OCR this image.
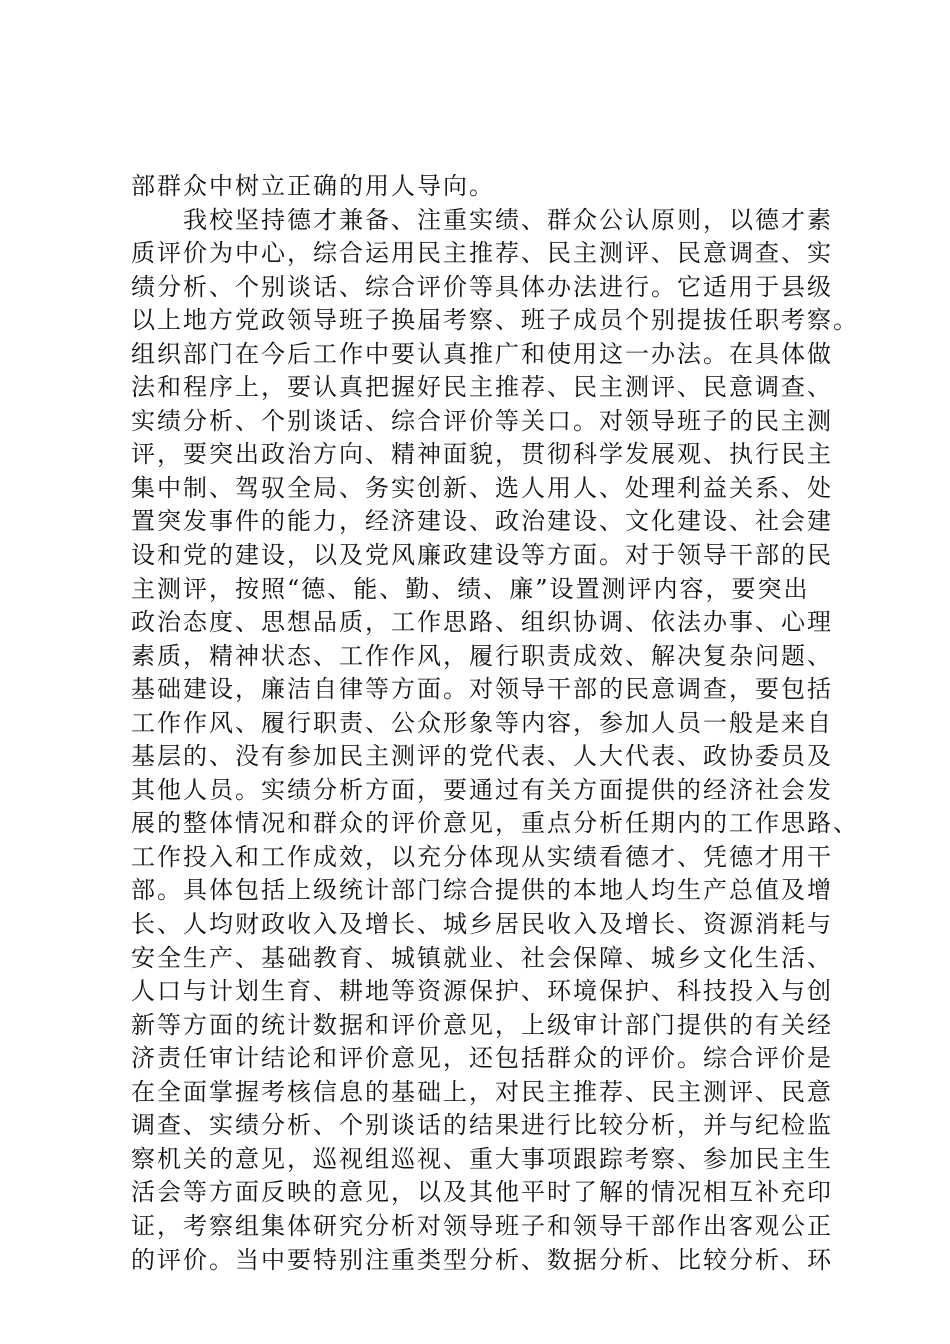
部群众中树立正确的用人导向。
　　我校坚持德才兼备、注重实绩、群众公认原则，以德才素
质评价为中心，综合运用民主推荐、民主测评、民意调查、实
绩分析、个别谈话、综合评价等具体办法进行。它适用于县级
以上地方党政领导班子换届考察、班子成员个别提拔任职考察。
组织部门在今后工作中要认真推广和使用这一办法。在具体做
法和程序上，要认真把握好民主推荐、民主测评、民意调查、
实绩分析、个别谈话、综合评价等关口。对领导班子的民主测
评，要突出政治方向、精神面貌，贯彻科学发展观、执行民主
集中制、驾驭全局、务实创新、选人用人、处理利益关系、处
置突发事件的能力，经济建设、政治建设、文化建设、社会建
设和党的建设，以及党风廉政建设等方面。对于领导干部的民
主测评，按照“德、能、勤、绩、廉”设置测评内容，要突出
政治态度、思想品质，工作思路、组织协调、依法办事、心理
素质，精神状态、工作作风，履行职责成效、解决复杂问题、
基础建设，廉洁自律等方面。对领导干部的民意调查，要包括
工作作风、履行职责、公众形象等内容，参加人员一般是来自
基层的、没有参加民主测评的党代表、人大代表、政协委员及
其他人员。实绩分析方面，要通过有关方面提供的经济社会发
展的整体情况和群众的评价意见，重点分析任期内的工作思路、
工作投入和工作成效，以充分体现从实绩看德才、凭德才用干
部。具体包括上级统计部门综合提供的本地人均生产总值及增
长、人均财政收入及增长、城乡居民收入及增长、资源消耗与
安全生产、基础教育、城镇就业、社会保障、城乡文化生活、
人口与计划生育、耕地等资源保护、环境保护、科技投入与创
新等方面的统计数据和评价意见，上级审计部门提供的有关经
济责任审计结论和评价意见，还包括群众的评价。综合评价是
在全面掌握考核信息的基础上，对民主推荐、民主测评、民意
调查、实绩分析、个别谈话的结果进行比较分析，并与纪检监
察机关的意见，巡视组巡视、重大事项跟踪考察、参加民主生
活会等方面反映的意见，以及其他平时了解的情况相互补充印
证，考察组集体研究分析对领导班子和领导干部作出客观公正
的评价。当中要特别注重类型分析、数据分析、比较分析、环
